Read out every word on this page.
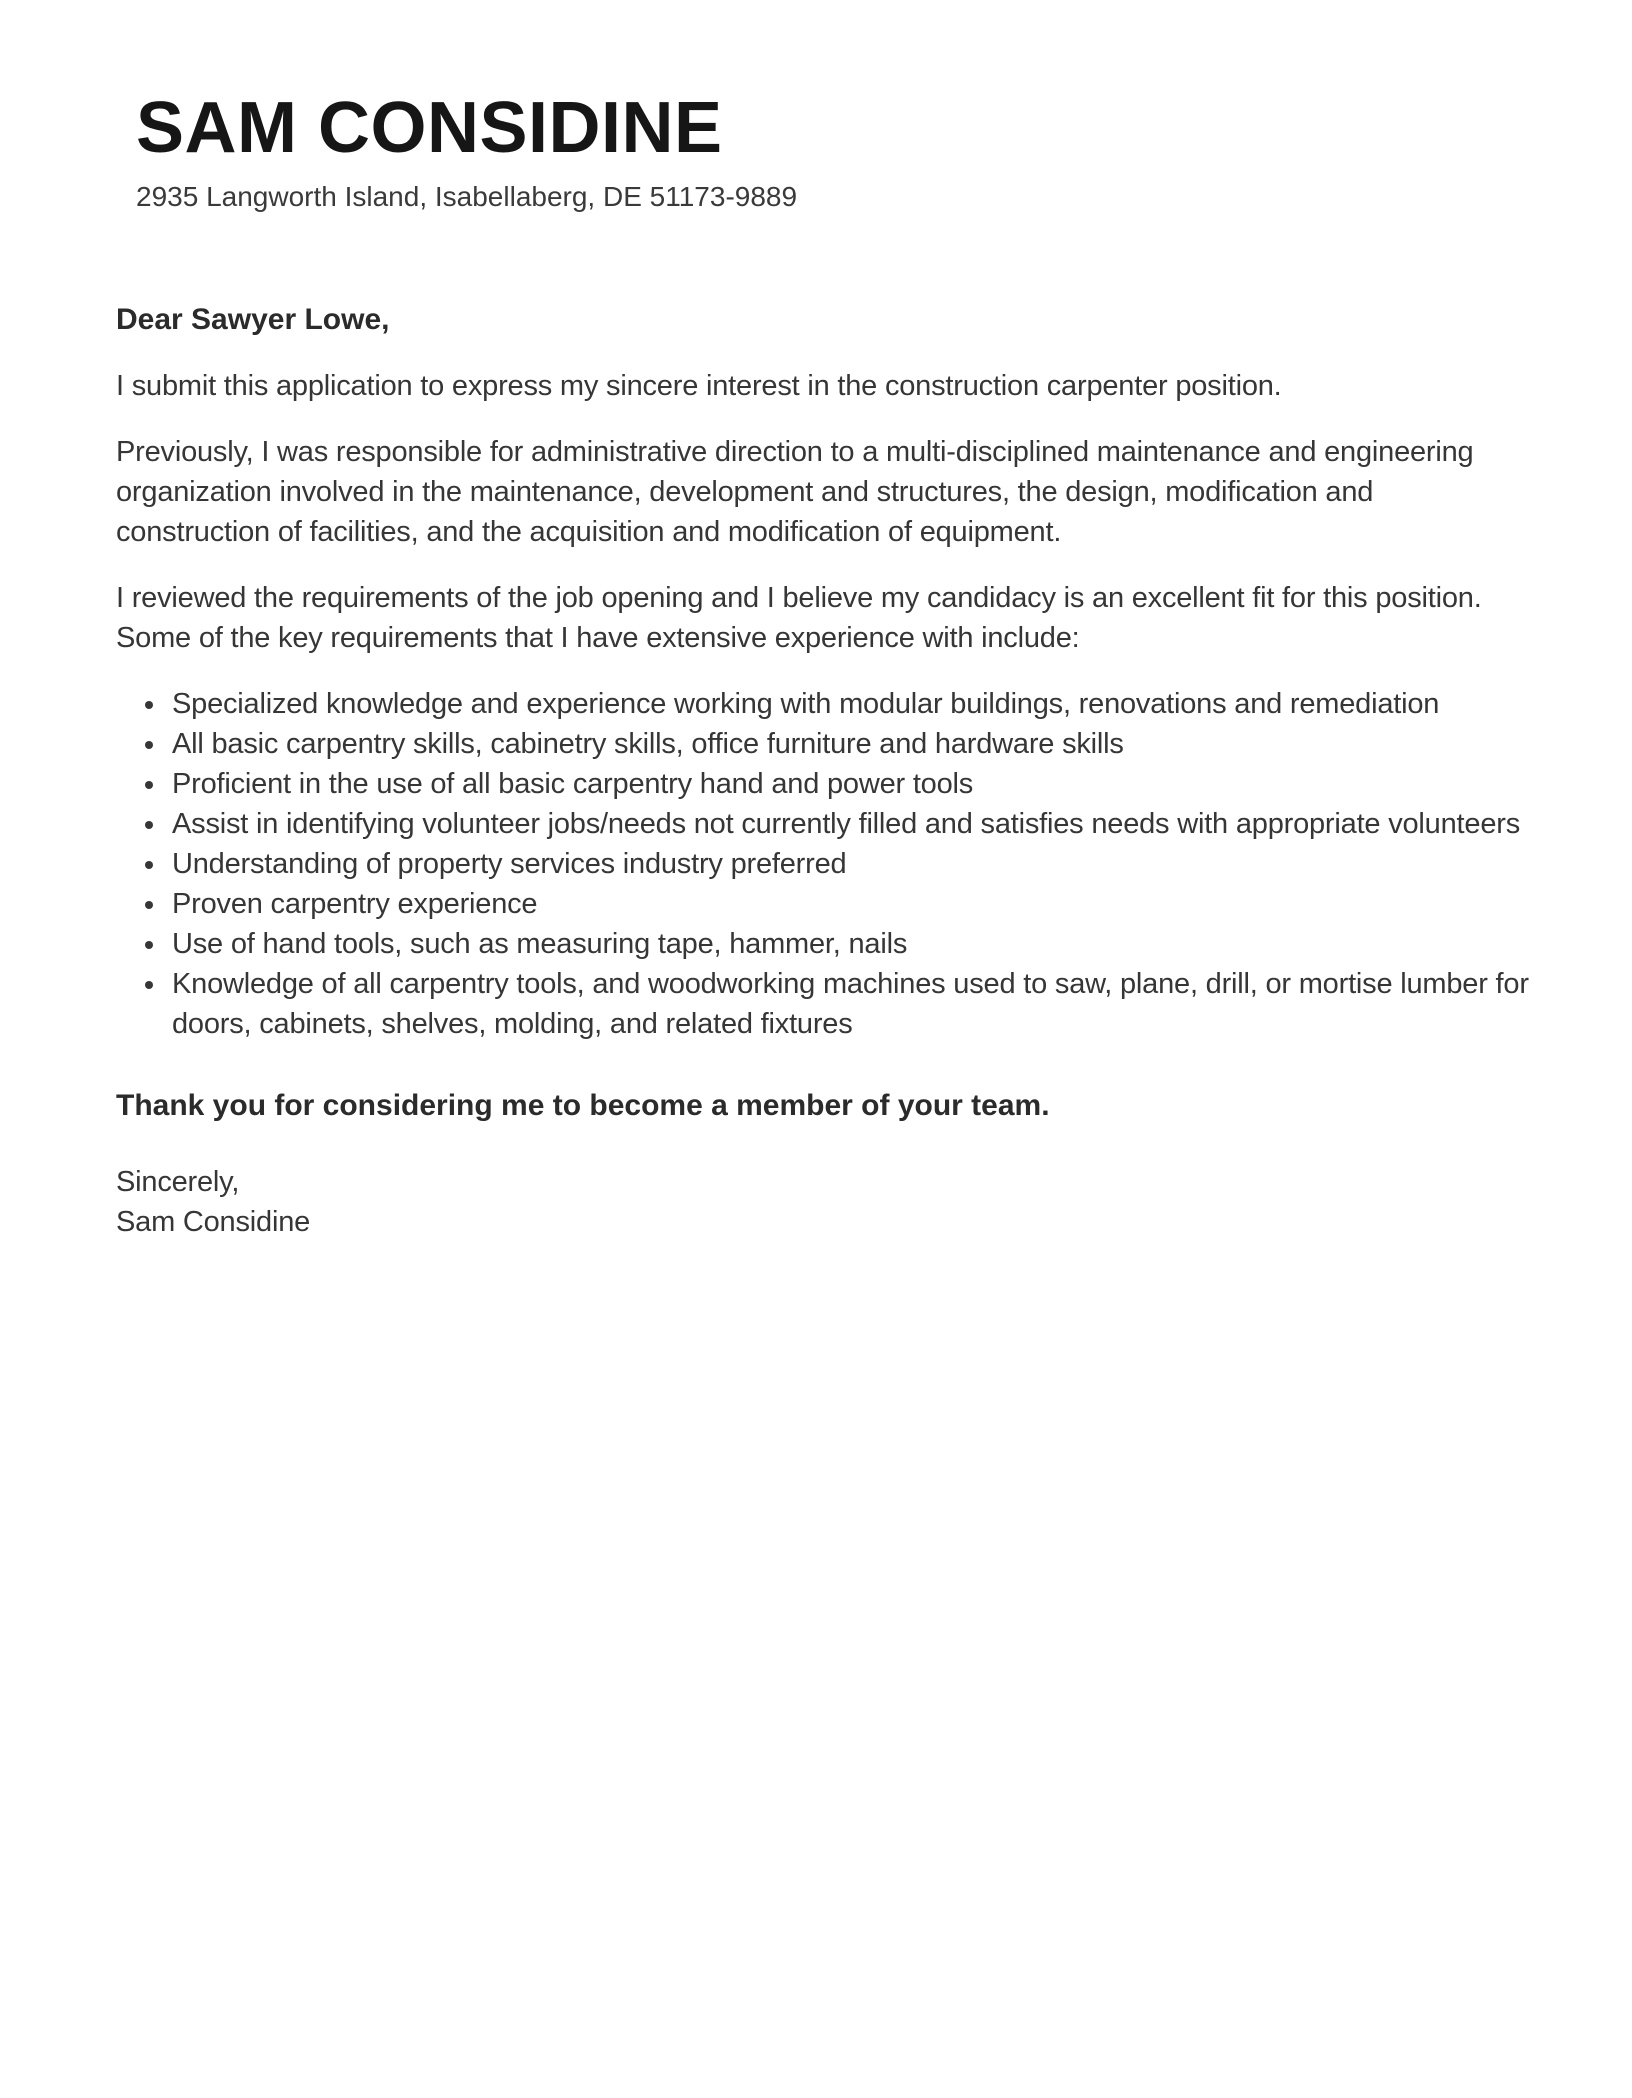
SAM CONSIDINE
2935 Langworth Island, Isabellaberg, DE 51173-9889
Dear Sawyer Lowe,

I submit this application to express my sincere interest in the construction carpenter position.

Previously, I was responsible for administrative direction to a multi-disciplined maintenance and engineering organization involved in the maintenance, development and structures, the design, modification and construction of facilities, and the acquisition and modification of equipment.

I reviewed the requirements of the job opening and I believe my candidacy is an excellent fit for this position. Some of the key requirements that I have extensive experience with include:

• Specialized knowledge and experience working with modular buildings, renovations and remediation
• All basic carpentry skills, cabinetry skills, office furniture and hardware skills
• Proficient in the use of all basic carpentry hand and power tools
• Assist in identifying volunteer jobs/needs not currently filled and satisfies needs with appropriate volunteers
• Understanding of property services industry preferred
• Proven carpentry experience
• Use of hand tools, such as measuring tape, hammer, nails
• Knowledge of all carpentry tools, and woodworking machines used to saw, plane, drill, or mortise lumber for doors, cabinets, shelves, molding, and related fixtures

Thank you for considering me to become a member of your team.

Sincerely,
Sam Considine
